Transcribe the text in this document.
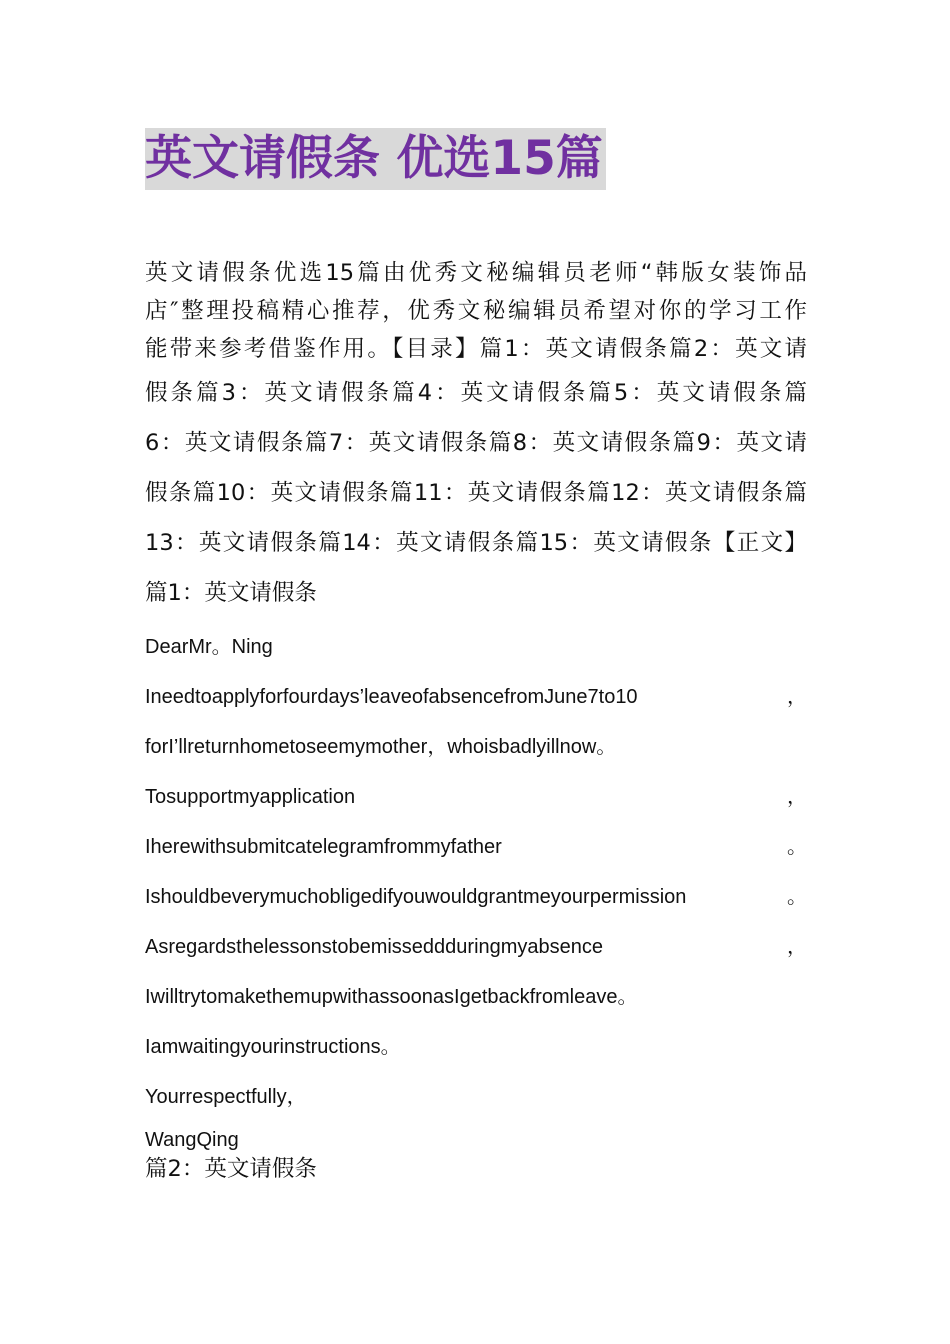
英文请假条 优选15篇
英文请假条优选15篇由优秀文秘编辑员老师“韩版女装饰品
店″整理投稿精心推荐，优秀文秘编辑员希望对你的学习工作
能带来参考借鉴作用。【目录】篇1：英文请假条篇2：英文请
假条篇3：英文请假条篇4：英文请假条篇5：英文请假条篇
6：英文请假条篇7：英文请假条篇8：英文请假条篇9：英文请
假条篇10：英文请假条篇11：英文请假条篇12：英文请假条篇
13：英文请假条篇14：英文请假条篇15：英文请假条【正文】
篇1：英文请假条
DearMr。Ning
Ineedtoapplyforfourdays’leaveofabsencefromJune7to10	，
forI’llreturnhometoseemymother，whoisbadlyillnow。
Tosupportmyapplication	，
Iherewithsubmitcatelegramfrommyfather	。
Ishouldbeverymuchobligedifyouwouldgrantmeyourpermission	。
Asregardsthelessonstobemisseddduringmyabsence	，
IwilltrytomakethemupwithassoonasIgetbackfromleave。
Iamwaitingyourinstructions。
Yourrespectfully，
WangQing
篇2：英文请假条
